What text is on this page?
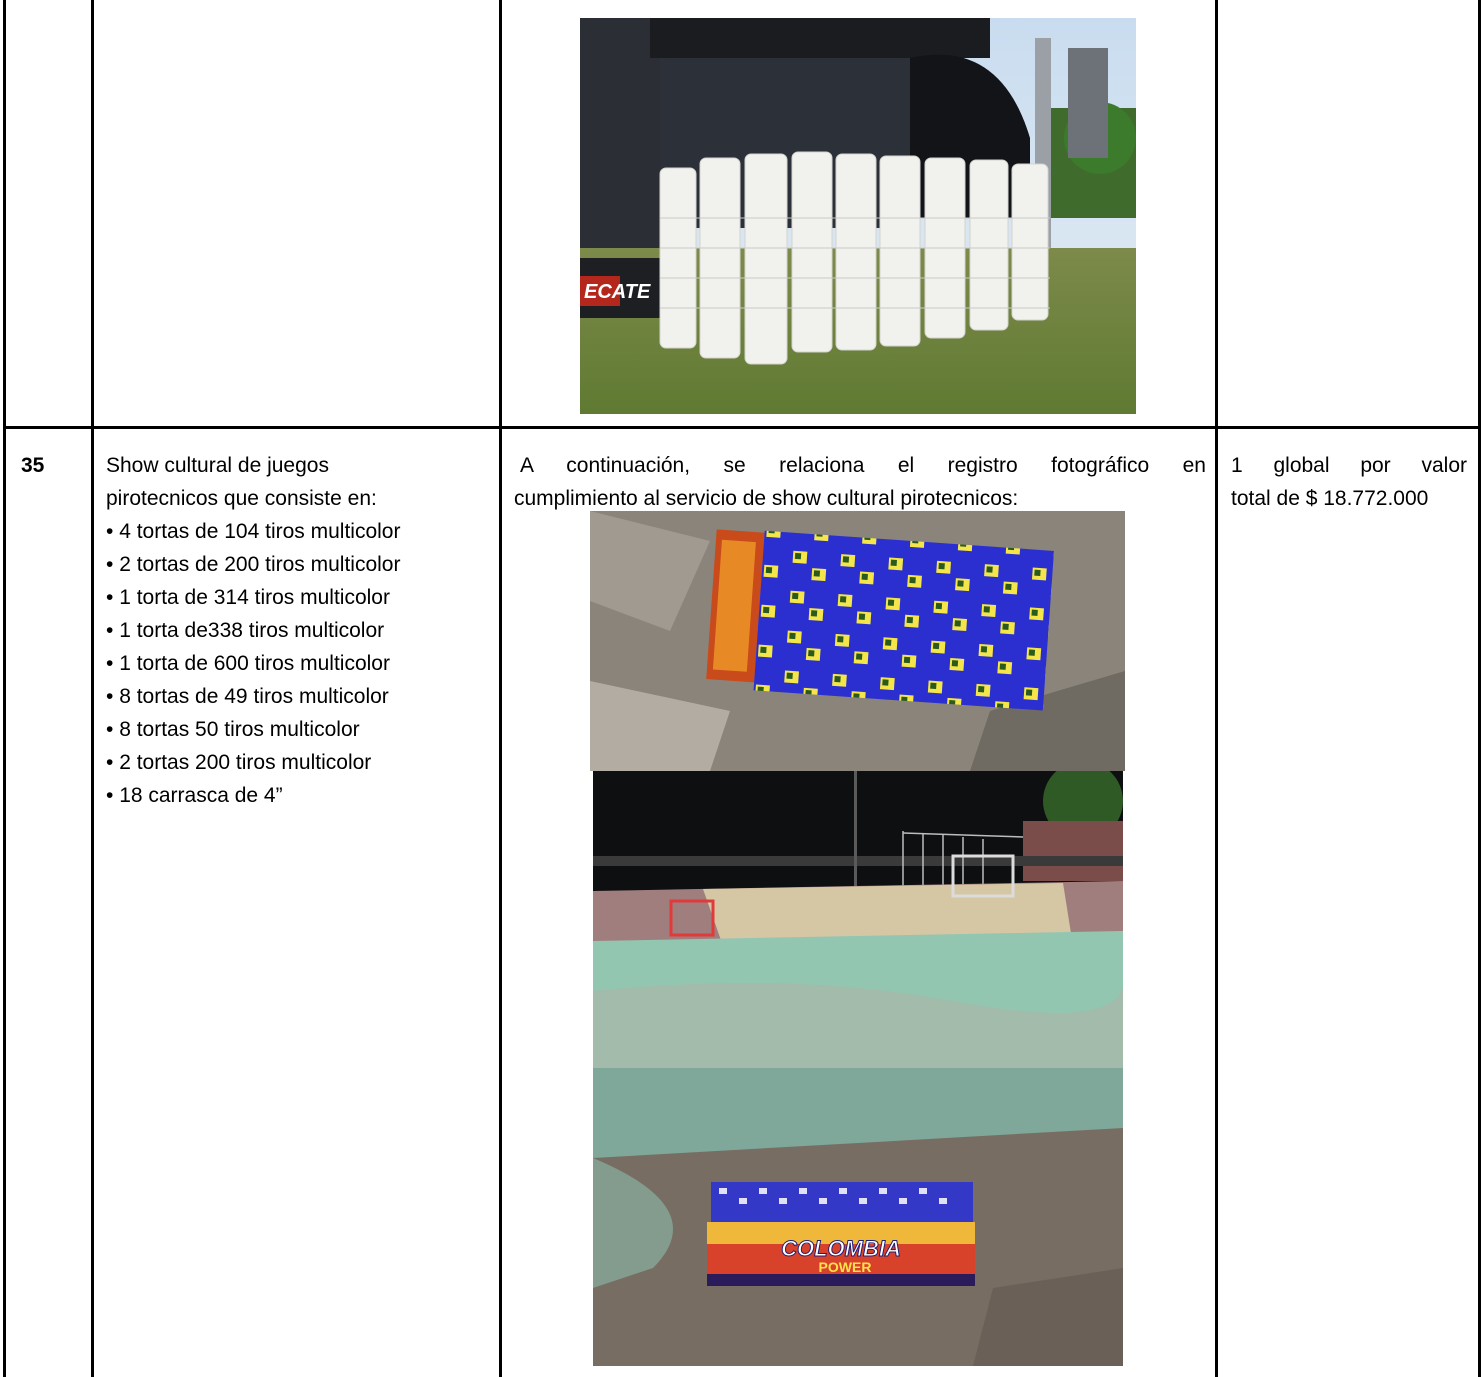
ECATE
35	Show cultural de juegos
pirotecnicos que consiste en:
• 4 tortas de 104 tiros multicolor
• 2 tortas de 200 tiros multicolor
• 1 torta de 314 tiros multicolor
• 1 torta de338 tiros multicolor
• 1 torta de 600 tiros multicolor
• 8 tortas de 49 tiros multicolor
• 8 tortas 50 tiros multicolor
• 2 tortas 200 tiros multicolor
• 18 carrasca de 4”
A continuación, se relaciona el registro fotográfico en
cumplimiento al servicio de show cultural pirotecnicos:
1 global por valor
total de $ 18.772.000
COLOMBIA
POWER
